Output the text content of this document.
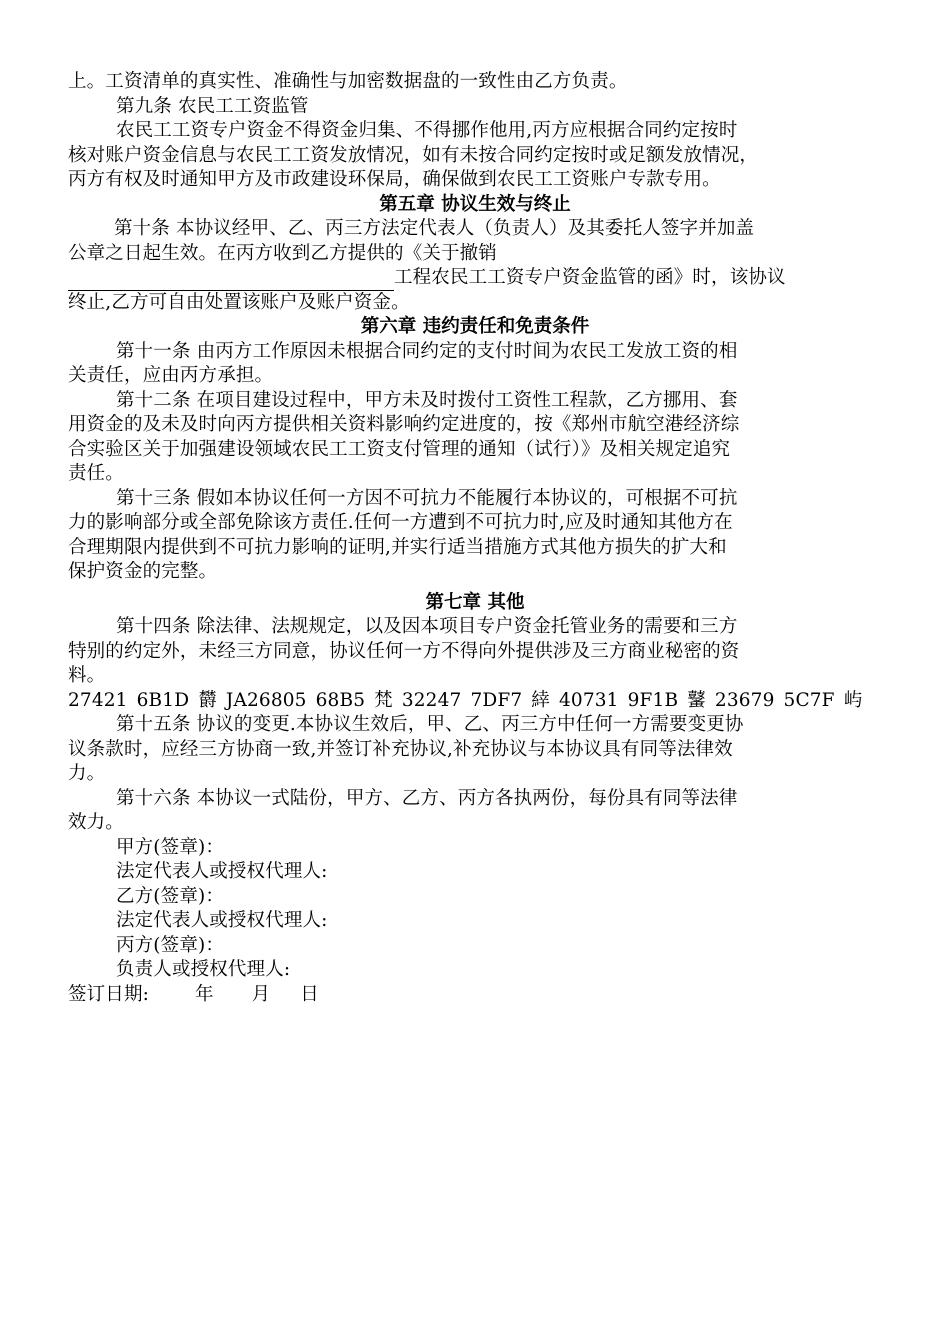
上。工资清单的真实性、准确性与加密数据盘的一致性由乙方负责。
第九条 农民工工资监管
农民工工资专户资金不得资金归集、不得挪作他用,丙方应根据合同约定按时
核对账户资金信息与农民工工资发放情况，如有未按合同约定按时或足额发放情况，
丙方有权及时通知甲方及市政建设环保局，确保做到农民工工资账户专款专用。
第五章 协议生效与终止
第十条 本协议经甲、乙、丙三方法定代表人（负责人）及其委托人签字并加盖
公章之日起生效。在丙方收到乙方提供的《关于撤销
工程农民工工资专户资金监管的函》时，该协议
终止,乙方可自由处置该账户及账户资金。
第六章 违约责任和免责条件
第十一条 由丙方工作原因未根据合同约定的支付时间为农民工发放工资的相
关责任，应由丙方承担。
第十二条 在项目建设过程中，甲方未及时拨付工资性工程款，乙方挪用、套
用资金的及未及时向丙方提供相关资料影响约定进度的，按《郑州市航空港经济综
合实验区关于加强建设领域农民工工资支付管理的通知（试行）》及相关规定追究
责任。
第十三条 假如本协议任何一方因不可抗力不能履行本协议的，可根据不可抗
力的影响部分或全部免除该方责任.任何一方遭到不可抗力时,应及时通知其他方在
合理期限内提供到不可抗力影响的证明,并实行适当措施方式其他方损失的扩大和
保护资金的完整。
第七章 其他
第十四条 除法律、法规规定，以及因本项目专户资金托管业务的需要和三方
特别的约定外，未经三方同意，协议任何一方不得向外提供涉及三方商业秘密的资
料。
27421 6B1D 欝 JA26805 68B5 梵 32247 7DF7 緈 40731 9F1B 鼜 23679 5C7F 屿
第十五条 协议的变更.本协议生效后，甲、乙、丙三方中任何一方需要变更协
议条款时，应经三方协商一致,并签订补充协议,补充协议与本协议具有同等法律效
力。
第十六条 本协议一式陆份，甲方、乙方、丙方各执两份，每份具有同等法律
效力。
甲方(签章)：
法定代表人或授权代理人:
乙方(签章)：
法定代表人或授权代理人:
丙方(签章)：
负责人或授权代理人:
签订日期: 年 月 日
